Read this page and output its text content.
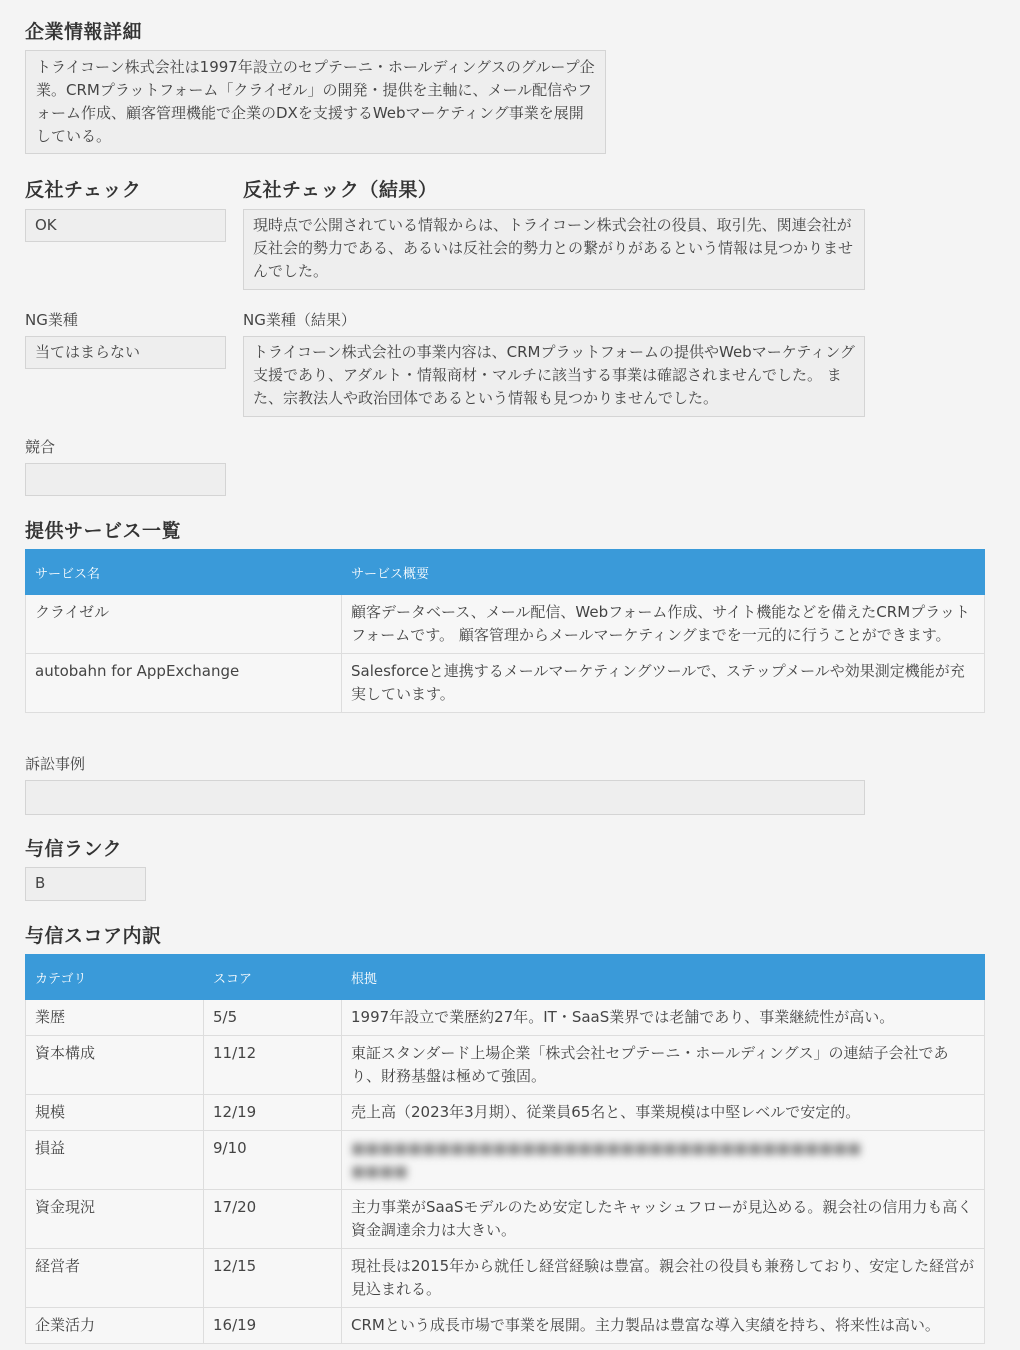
企業情報詳細
トライコーン株式会社は1997年設立のセプテーニ・ホールディングスのグループ企業。CRMプラットフォーム「クライゼル」の開発・提供を主軸に、メール配信やフォーム作成、顧客管理機能で企業のDXを支援するWebマーケティング事業を展開している。
反社チェック
OK
反社チェック（結果）
現時点で公開されている情報からは、トライコーン株式会社の役員、取引先、関連会社が反社会的勢力である、あるいは反社会的勢力との繋がりがあるという情報は見つかりませんでした。
NG業種
当てはまらない
NG業種（結果）
トライコーン株式会社の事業内容は、CRMプラットフォームの提供やWebマーケティング支援であり、アダルト・情報商材・マルチに該当する事業は確認されませんでした。 また、宗教法人や政治団体であるという情報も見つかりませんでした。
競合
提供サービス一覧
サービス名	サービス概要
クライゼル	顧客データベース、メール配信、Webフォーム作成、サイト機能などを備えたCRMプラットフォームです。 顧客管理からメールマーケティングまでを一元的に行うことができます。
autobahn for AppExchange	Salesforceと連携するメールマーケティングツールで、ステップメールや効果測定機能が充実しています。
訴訟事例
与信ランク
B
与信スコア内訳
カテゴリ	スコア	根拠
業歴	5/5	1997年設立で業歴約27年。IT・SaaS業界では老舗であり、事業継続性が高い。
資本構成	11/12	東証スタンダード上場企業「株式会社セプテーニ・ホールディングス」の連結子会社であり、財務基盤は極めて強固。
規模	12/19	売上高（2023年3月期）、従業員65名と、事業規模は中堅レベルで安定的。
損益	9/10	■■■■■■■■■■■■■■■■■■■■■■■■■■■■■■■■■■■■
■■■■

資金現況	17/20	主力事業がSaaSモデルのため安定したキャッシュフローが見込める。親会社の信用力も高く資金調達余力は大きい。
経営者	12/15	現社長は2015年から就任し経営経験は豊富。親会社の役員も兼務しており、安定した経営が見込まれる。
企業活力	16/19	CRMという成長市場で事業を展開。主力製品は豊富な導入実績を持ち、将来性は高い。
